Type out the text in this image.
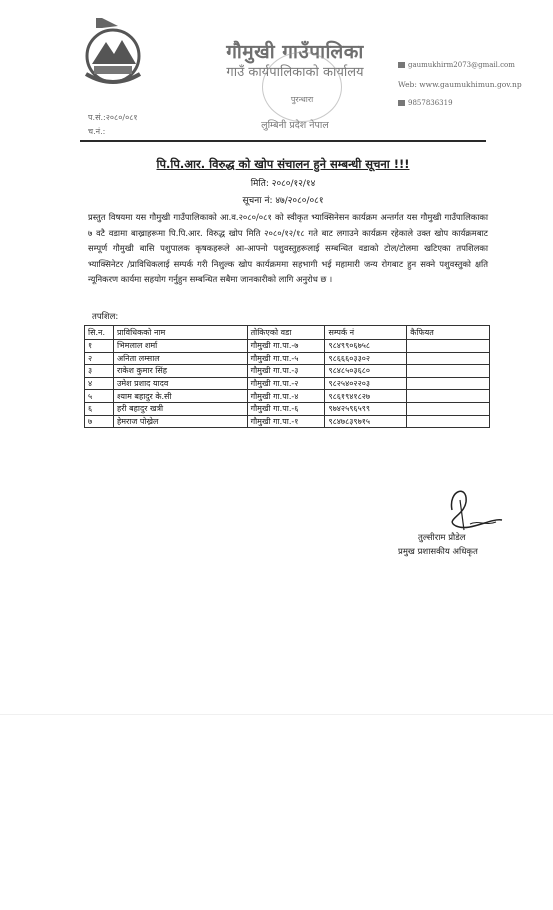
गौमुखी गाउँपालिका
गाउँ कार्यपालिकाको कार्यालय
पुरन्धारा
लुम्बिनी प्रदेश नेपाल
gaumukhirm2073@gmail.com
Web: www.gaumukhimun.gov.np
9857836319
प.सं.:२०८०/०८१
च.नं.:
पि.पि.आर. विरुद्ध को खोप संचालन हुने सम्बन्धी सूचना !!!
मिति: २०८०/१२/१४
सूचना नं: ४७/२०८०/०८१
प्रस्तुत विषयमा यस गौमुखी गाउँपालिकाको आ.व.२०८०/०८१ को स्वीकृत भ्याक्सिनेसन कार्यक्रम अन्तर्गत यस गौमुखी गाउँपालिकाका ७ वटै वडामा बाख्राहरूमा पि.पि.आर. विरुद्ध खोप मिति २०८०/१२/१८ गते बाट लगाउने कार्यक्रम रहेकाले उक्त खोप कार्यक्रमबाट सम्पूर्ण गौमुखी बासि पशुपालक कृषकहरूले आ-आफ्नो पशुवस्तुहरूलाई सम्बन्धित वडाको टोल/टोलमा खटिएका तपशिलका भ्याक्सिनेटर /प्राविधिकलाई सम्पर्क गरी निशुल्क खोप कार्यक्रममा सहभागी भई महामारी जन्य रोगबाट हुन सक्ने पशुवस्तुको क्षति न्यूनिकरण कार्यमा सहयोग गर्नुहुन सम्बन्धित सबैमा जानकारीको लागि अनुरोध छ ।
तपशिल:
सि.न.	प्राविधिकको नाम	तोकिएको वडा	सम्पर्क नं	कैफियत
१	भिमलाल शर्मा	गौमुखी गा.पा.-७	९८४९९०६७५८	
२	अनिता लम्साल	गौमुखी गा.पा.-५	९८६६६०३३०२	
३	राकेश कुमार सिंह	गौमुखी गा.पा.-३	९८४८५०३६८०	
४	उमेश प्रशाद यादव	गौमुखी गा.पा.-२	९८२५४०२२०३	
५	श्याम बहादुर के.सी	गौमुखी गा.पा.-४	९८६१९४१८२७	
६	हरी बहादुर खत्री	गौमुखी गा.पा.-६	९७४२५९६५९९	
७	हेमराज पोख्रेल	गौमुखी गा.पा.-१	९८४७८३९७१५	
तुल्सीराम प्रौडेल
प्रमुख प्रशासकीय अधिकृत
